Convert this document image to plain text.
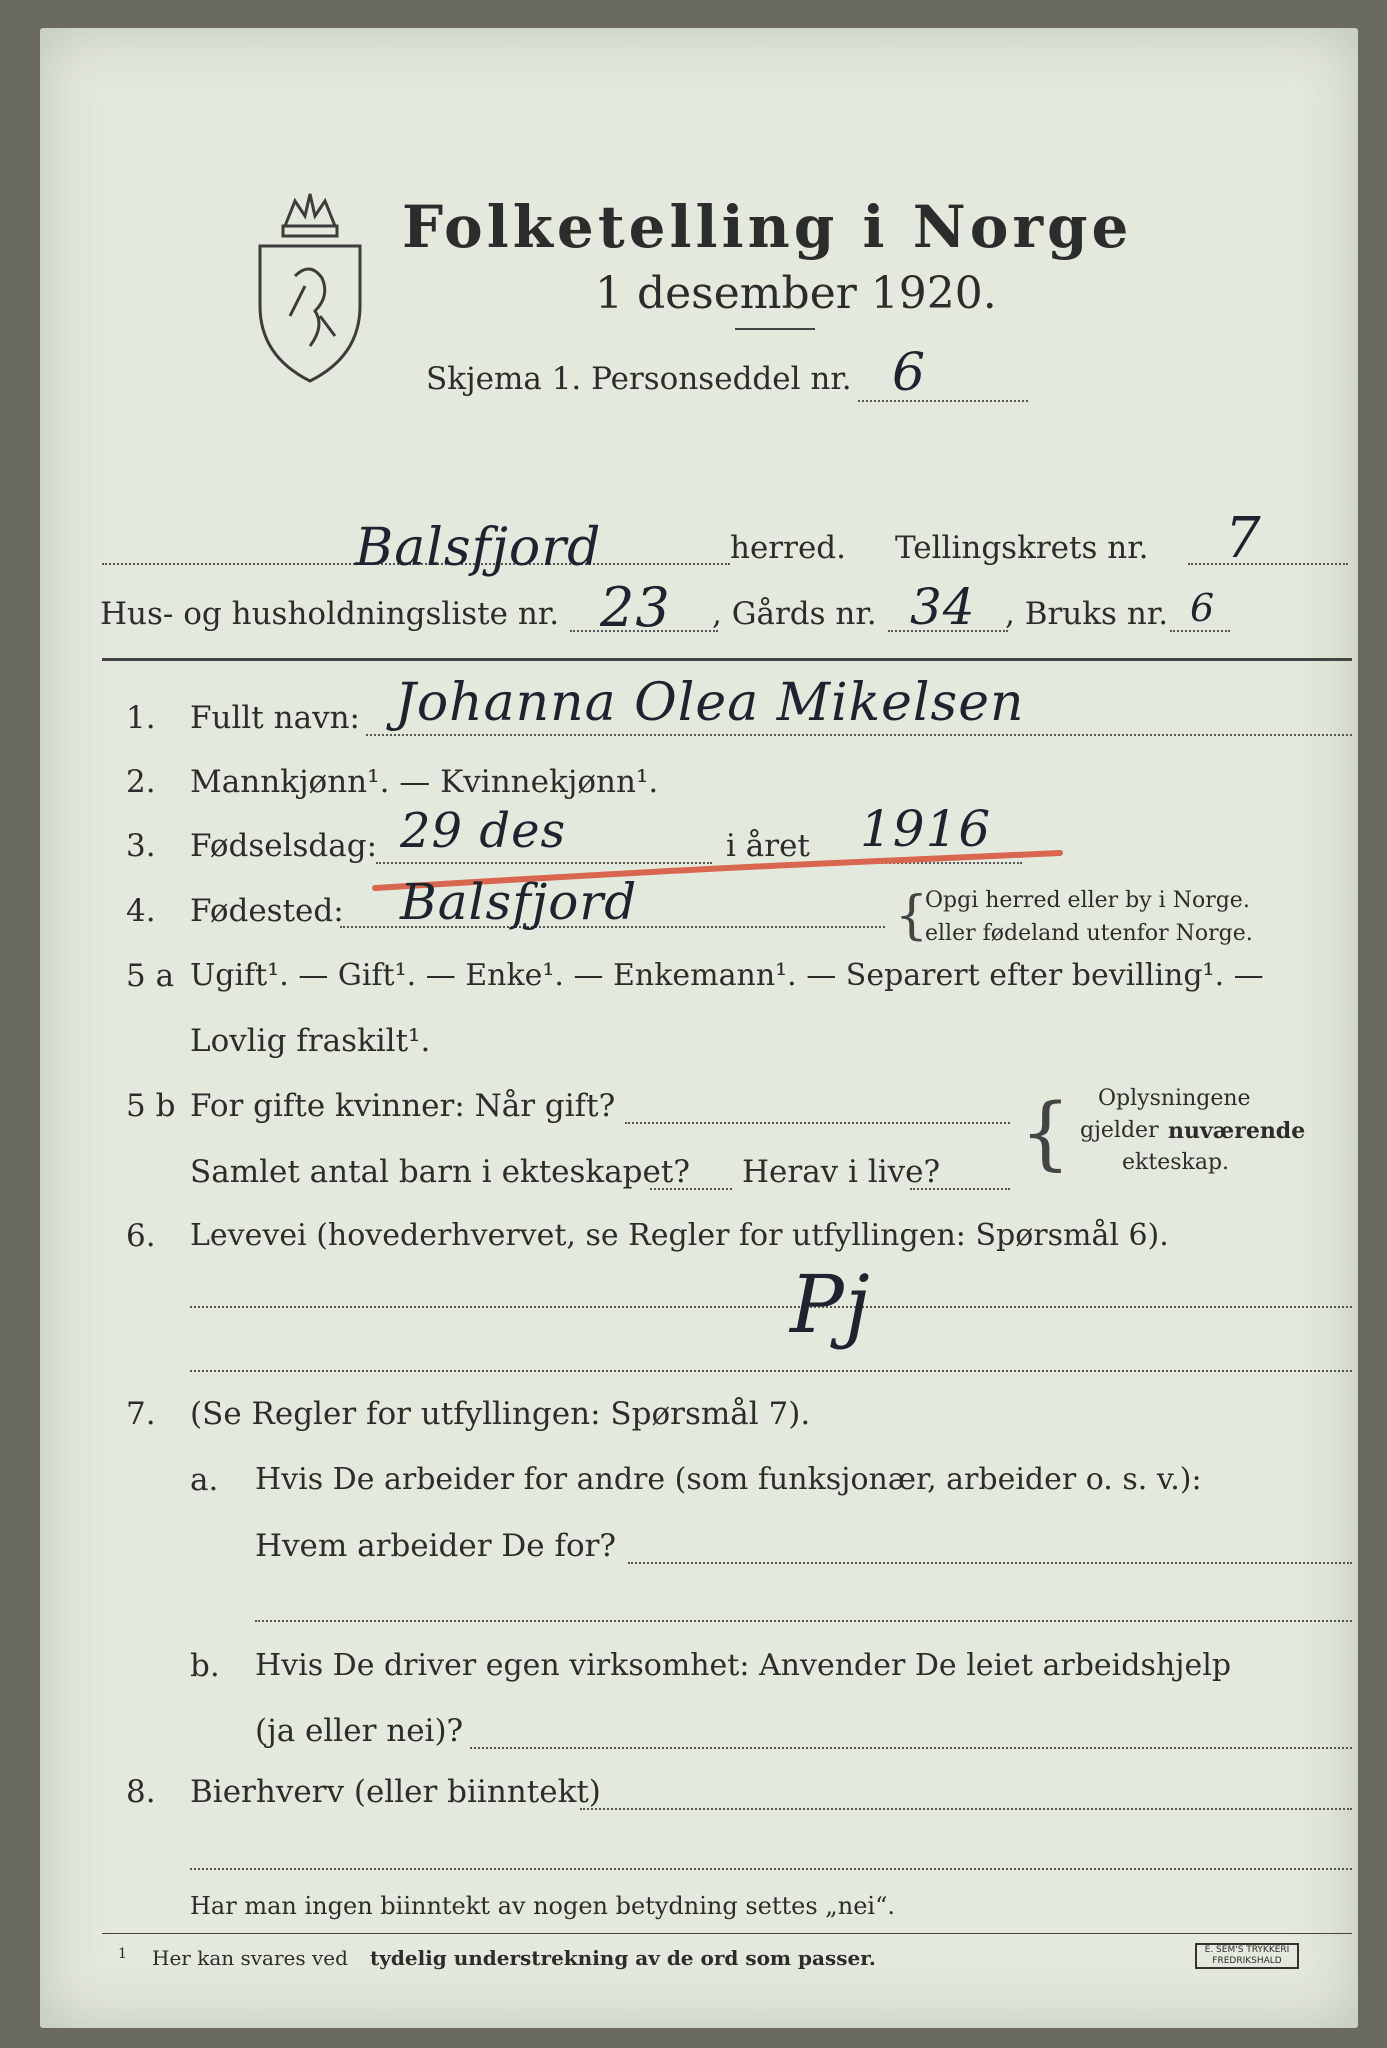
Folketelling i Norge
1 desember 1920.
Skjema 1. Personseddel nr. 6
Balsfjord	herred. Tellingskrets nr. 7
Hus- og husholdningsliste nr. 23 , Gårds nr. 34 , Bruks nr. 6
1. Fullt navn: Johanna Olea Mikelsen
2. Mannkjønn¹. — Kvinnekjønn¹.
3. Fødselsdag: 29 des	i året 1916
4. Fødested: Balsfjord	{
Opgi herred eller by i Norge.
eller fødeland utenfor Norge.
5 a Ugift¹. — Gift¹. — Enke¹. — Enkemann¹. — Separert efter bevilling¹. —
Lovlig fraskilt¹.
5 b For gifte kvinner: Når gift?
Samlet antal barn i ekteskapet? Herav i live? { Oplysningene
gjelder nuværende
ekteskap.
6. Levevei (hovederhvervet, se Regler for utfyllingen: Spørsmål 6).
Pj
7. (Se Regler for utfyllingen: Spørsmål 7).
a. Hvis De arbeider for andre (som funksjonær, arbeider o. s. v.):
Hvem arbeider De for?
b. Hvis De driver egen virksomhet: Anvender De leiet arbeidshjelp
(ja eller nei)?
8. Bierhverv (eller biinntekt)
Har man ingen biinntekt av nogen betydning settes „nei“.
1 Her kan svares ved tydelig understrekning av de ord som passer.	E. SEM'S TRYKKERI FREDRIKSHALD
